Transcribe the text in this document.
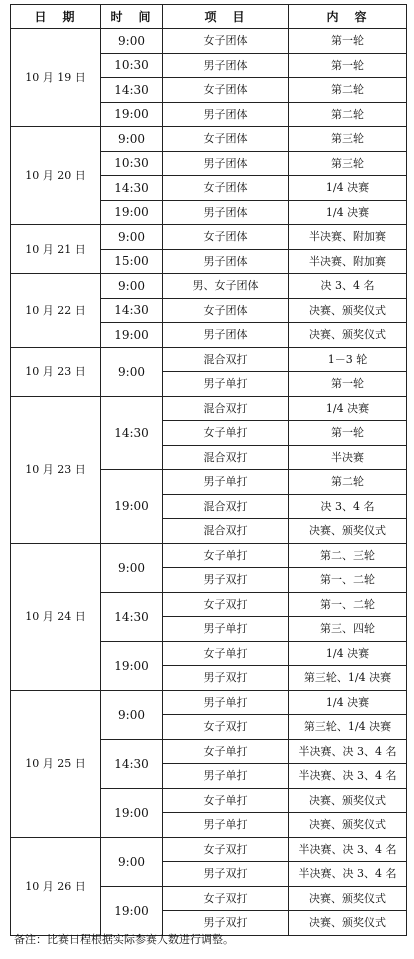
日　期	时　间	项　目	内　容
10 月 19 日	9:00	女子团体	第一轮
	10:30	男子团体	第一轮
	14:30	女子团体	第二轮
	19:00	男子团体	第二轮
10 月 20 日	9:00	女子团体	第三轮
	10:30	男子团体	第三轮
	14:30	女子团体	1/4 决赛
	19:00	男子团体	1/4 决赛
10 月 21 日	9:00	女子团体	半决赛、附加赛
	15:00	男子团体	半决赛、附加赛
10 月 22 日	9:00	男、女子团体	决 3、4 名
	14:30	女子团体	决赛、颁奖仪式
	19:00	男子团体	决赛、颁奖仪式
10 月 23 日	9:00	混合双打	1－3 轮
		男子单打	第一轮
10 月 23 日	14:30	混合双打	1/4 决赛
		女子单打	第一轮
		混合双打	半决赛
	19:00	男子单打	第二轮
		混合双打	决 3、4 名
		混合双打	决赛、颁奖仪式
10 月 24 日	9:00	女子单打	第二、三轮
		男子双打	第一、二轮
	14:30	女子双打	第一、二轮
		男子单打	第三、四轮
	19:00	女子单打	1/4 决赛
		男子双打	第三轮、1/4 决赛
10 月 25 日	9:00	男子单打	1/4 决赛
		女子双打	第三轮、1/4 决赛
	14:30	女子单打	半决赛、决 3、4 名
		男子单打	半决赛、决 3、4 名
	19:00	女子单打	决赛、颁奖仪式
		男子单打	决赛、颁奖仪式
10 月 26 日	9:00	女子双打	半决赛、决 3、4 名
		男子双打	半决赛、决 3、4 名
	19:00	女子双打	决赛、颁奖仪式
		男子双打	决赛、颁奖仪式
备注：比赛日程根据实际参赛人数进行调整。
